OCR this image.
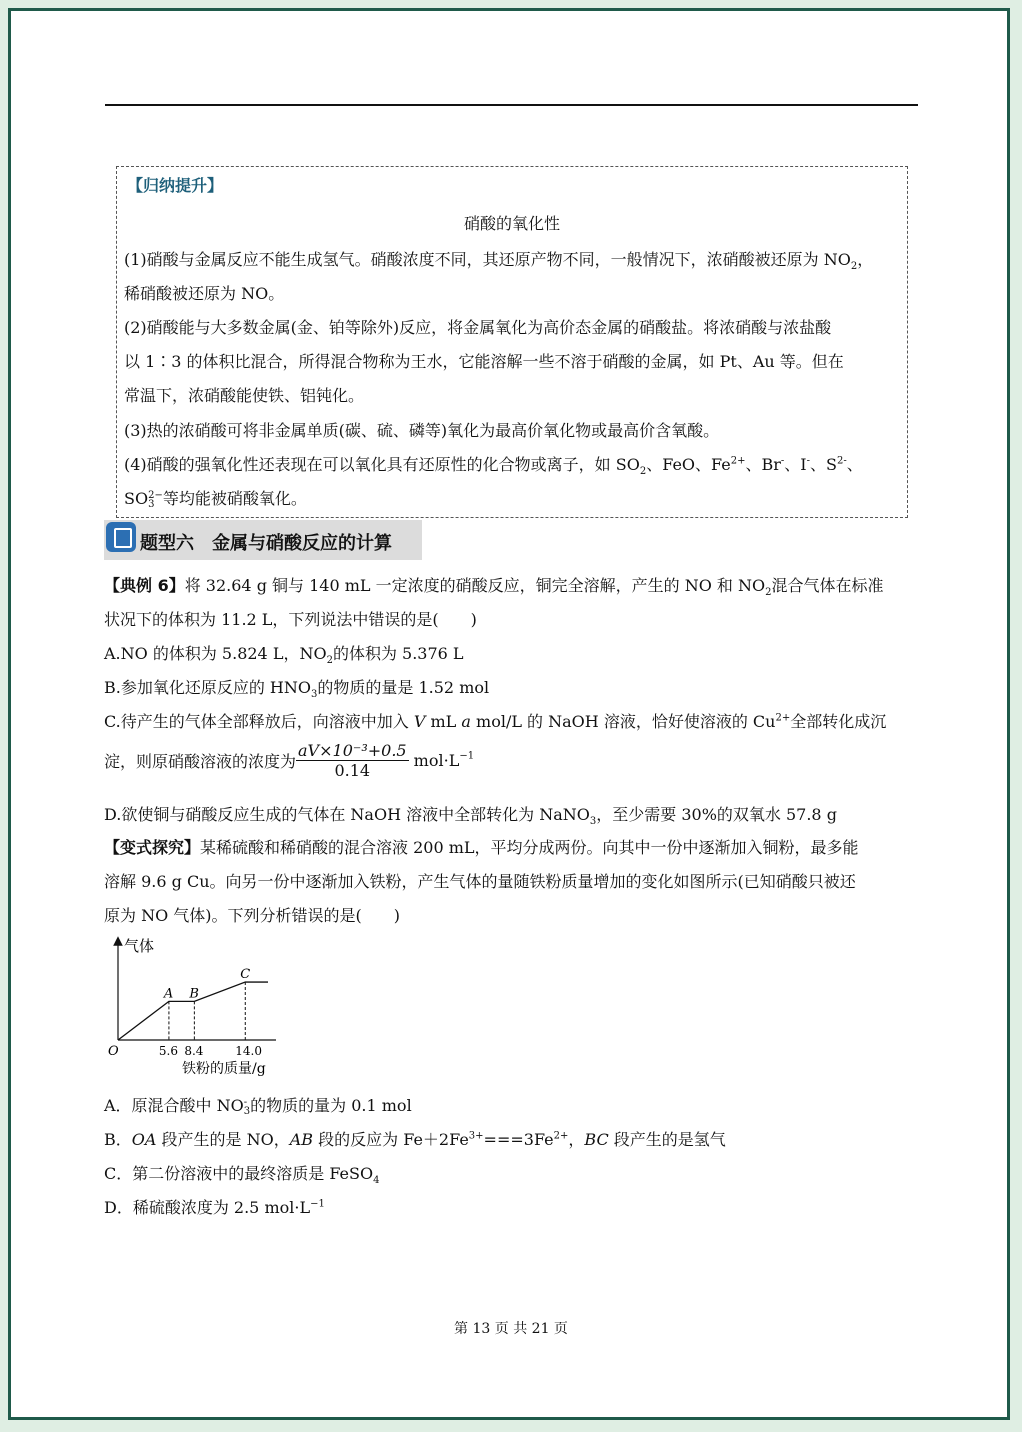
【归纳提升】
硝酸的氧化性
(1)硝酸与金属反应不能生成氢气。硝酸浓度不同，其还原产物不同，一般情况下，浓硝酸被还原为 $NO_2$，
稀硝酸被还原为 NO。
(2)硝酸能与大多数金属(金、铂等除外)反应，将金属氧化为高价态金属的硝酸盐。将浓硝酸与浓盐酸
以 1∶3 的体积比混合，所得混合物称为王水，它能溶解一些不溶于硝酸的金属，如 Pt、Au 等。但在
常温下，浓硝酸能使铁、铝钝化。
(3)热的浓硝酸可将非金属单质(碳、硫、磷等)氧化为最高价氧化物或最高价含氧酸。
(4)硝酸的强氧化性还表现在可以氧化具有还原性的化合物或离子，如 $SO_2$、FeO、$Fe^{2+}$、Br-、I-、$S^{2-}$、
SO 2−
3 等均能被硝酸氧化。
题型六　金属与硝酸反应的计算
【典例 6】将 32.64 g 铜与 140 mL 一定浓度的硝酸反应，铜完全溶解，产生的 NO 和 $NO_2$混合气体在标准
状况下的体积为 11.2 L，下列说法中错误的是(　　)
A.NO 的体积为 5.824 L，$NO_2$的体积为 5.376 L
B.参加氧化还原反应的 $HNO_3$的物质的量是 1.52 mol
C.待产生的气体全部释放后，向溶液中加入 V mL a mol/L 的 NaOH 溶液，恰好使溶液的 $Cu^{2+}$全部转化成沉
淀，则原硝酸溶液的浓度为 $\frac{\text{aV×10⁻³+0.5}}{0.14} mol\cdot L^{-1}$
D.欲使铜与硝酸反应生成的气体在 NaOH 溶液中全部转化为 NaNO$_3$，至少需要 30%的双氧水 57.8 g
【变式探究】某稀硫酸和稀硝酸的混合溶液 200 mL，平均分成两份。向其中一份中逐渐加入铜粉，最多能
溶解 9.6 g Cu。向另一份中逐渐加入铁粉，产生气体的量随铁粉质量增加的变化如图所示(已知硝酸只被还
原为 NO 气体)。下列分析错误的是(　　)
气体
O
铁粉的质量/g
A B
C
5.6 8.4	14.0
A．原混合酸中 NO -
3 的物质的量为 0.1 mol
B．OA 段产生的是 NO，AB 段的反应为 $Fe+2Fe^{3+}===3Fe^{2+}$，BC 段产生的是氢气
C．第二份溶液中的最终溶质是 FeSO$_4$
D．稀硫酸浓度为 2.5 $mol\cdot L^{-1}$
第 13 页 共 21 页
